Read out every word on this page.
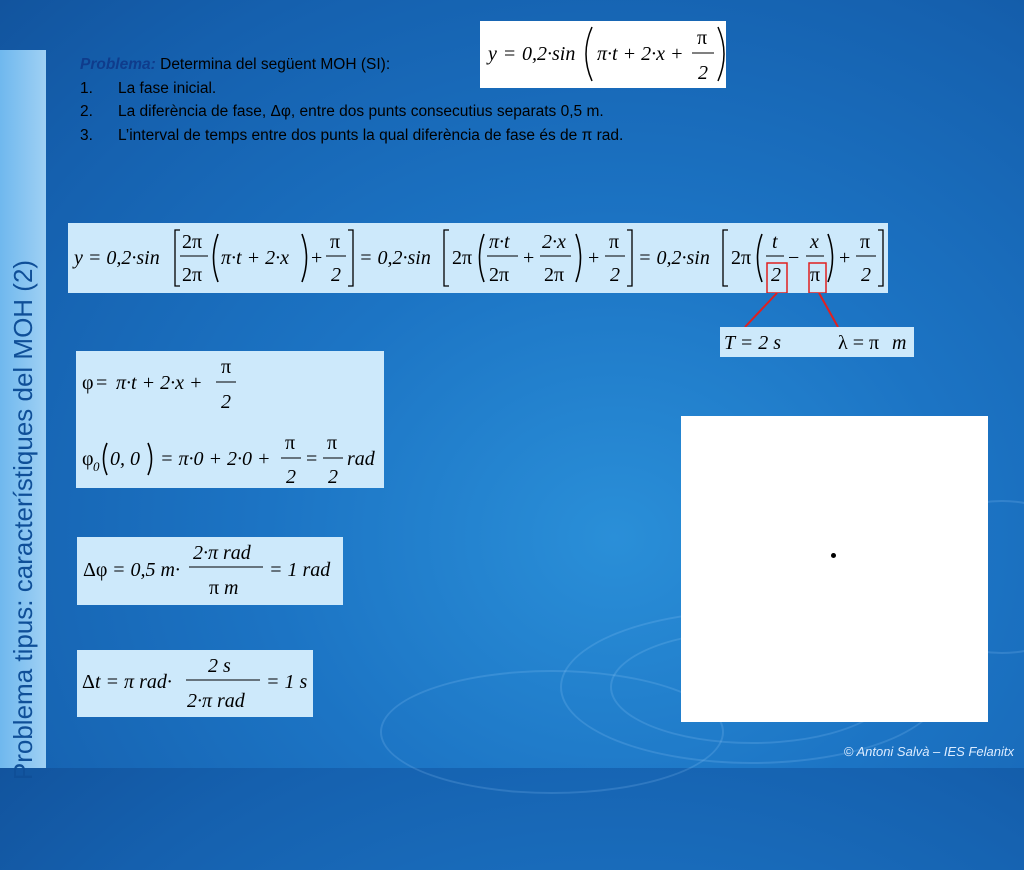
Problema tipus: característiques del MOH (2)
Problema: Determina del següent MOH (SI):
1.	La fase inicial.
2.	La diferència de fase, Δφ, entre dos punts consecutius separats 0,5 m.
3.	L’interval de temps entre dos punts la qual diferència de fase és de π rad.
y = 0,2·sin π·t + 2·x +
π
2
y = 0,2·sin
2π
2π
π·t + 2·x +
π
2
= 0,2·sin 2π
π·t
2π
+
2·x
2π
+
π
2
= 0,2·sin 2π
t
2
−
x
π
+
π
2
T = 2 s	λ = π m
φ = π·t + 2·x +
π
2
φ 0 0, 0 = π·0 + 2·0 +
π
2
=
π
2
rad
Δφ = 0,5 m·
2·π rad
π m
= 1 rad
Δ t = π rad·
2 s
2·π rad
= 1 s
© Antoni Salvà – IES Felanitx
